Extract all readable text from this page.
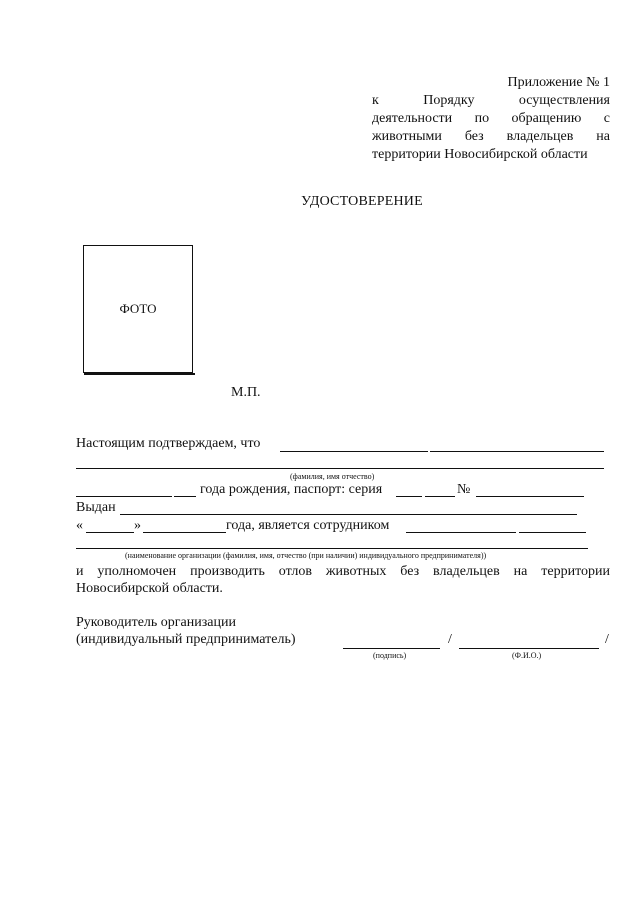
Приложение № 1
к Порядку осуществления деятельности по обращению с животными без владельцев на территории Новосибирской области
УДОСТОВЕРЕНИЕ
ФОТО
М.П.
Настоящим подтверждаем, что
(фамилия, имя отчество)
года рождения, паспорт: серия	№
Выдан
«	»	года, является сотрудником
(наименование организации (фамилия, имя, отчество (при наличии) индивидуального предпринимателя))
и уполномочен производить отлов животных без владельцев на территории
Новосибирской области.
Руководитель организации
(индивидуальный предприниматель)	/	/
(подпись)	(Ф.И.О.)
